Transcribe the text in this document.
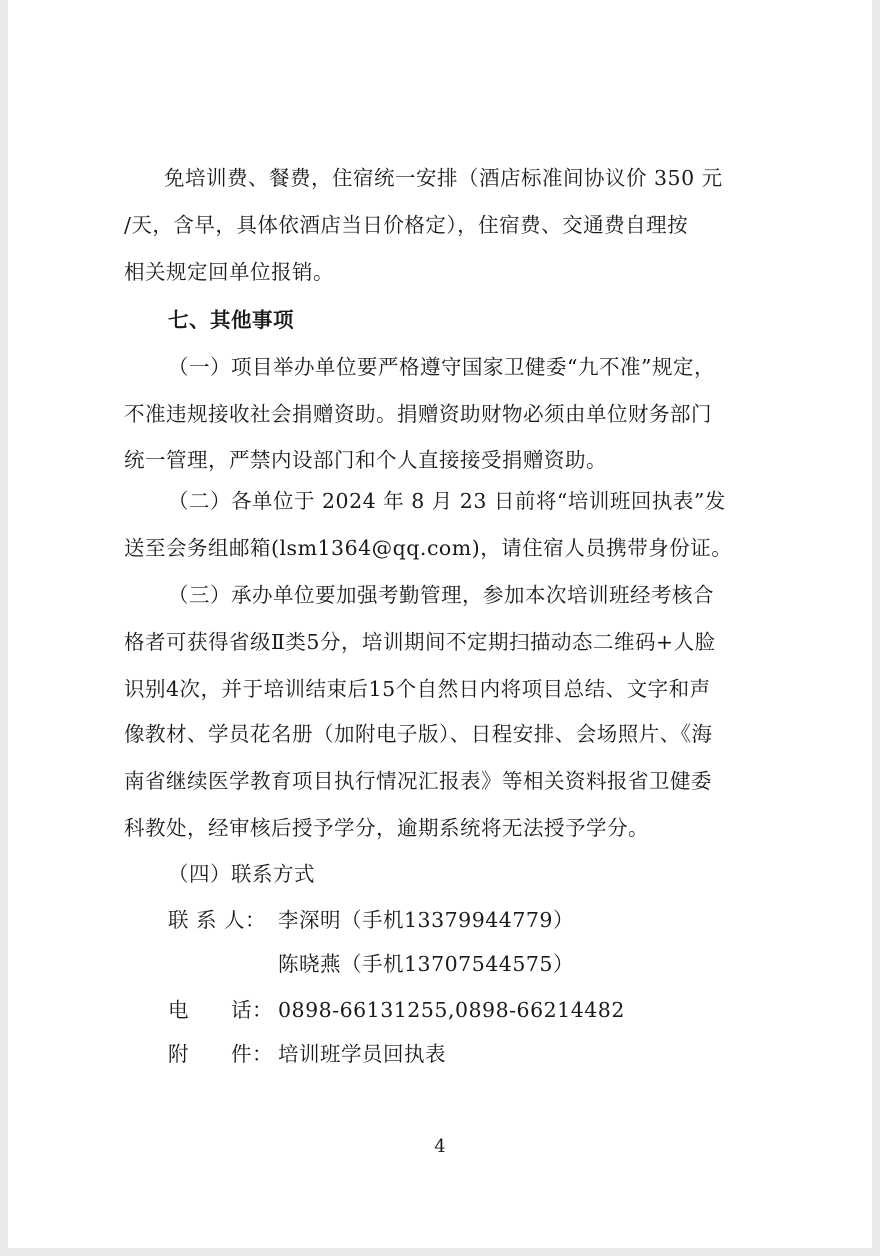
免培训费、餐费，住宿统一安排（酒店标准间协议价 350 元
/天，含早，具体依酒店当日价格定），住宿费、交通费自理按
相关规定回单位报销。
七、其他事项
（一）项目举办单位要严格遵守国家卫健委“九不准”规定，
不准违规接收社会捐赠资助。捐赠资助财物必须由单位财务部门
统一管理，严禁内设部门和个人直接接受捐赠资助。
（二）各单位于 2024 年 8 月 23 日前将“培训班回执表”发
送至会务组邮箱(lsm1364@qq.com)，请住宿人员携带身份证。
（三）承办单位要加强考勤管理，参加本次培训班经考核合
格者可获得省级Ⅱ类5分，培训期间不定期扫描动态二维码+人脸
识别4次，并于培训结束后15个自然日内将项目总结、文字和声
像教材、学员花名册（加附电子版）、日程安排、会场照片、《海
南省继续医学教育项目执行情况汇报表》等相关资料报省卫健委
科教处，经审核后授予学分，逾期系统将无法授予学分。
（四）联系方式
联 系 人： 李深明（手机13379944779）
陈晓燕（手机13707544575）
电　　话： 0898-66131255,0898-66214482
附　　件： 培训班学员回执表
4
